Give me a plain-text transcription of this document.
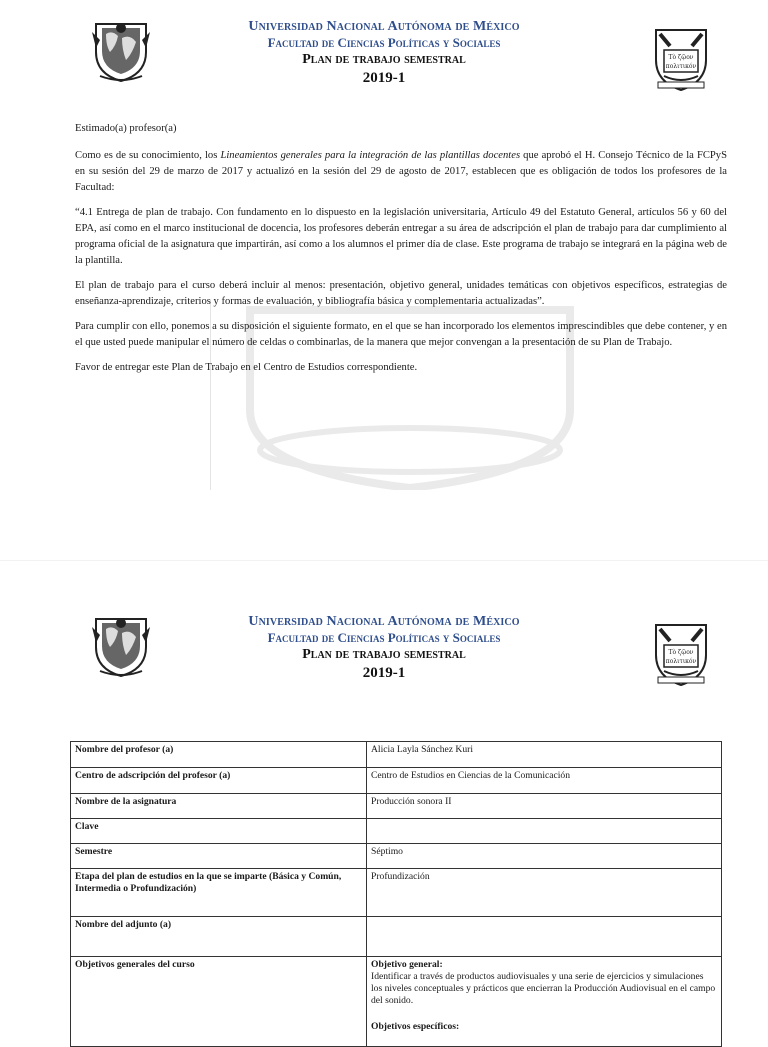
Τὸ ζῷον
πολιτικόν
Universidad Nacional Autónoma de México
Facultad de Ciencias Políticas y Sociales
Plan de trabajo semestral
2019-1

Estimado(a) profesor(a)

Como es de su conocimiento, los Lineamientos generales para la integración de las plantillas docentes que aprobó el H. Consejo Técnico de la FCPyS en su sesión del 29 de marzo de 2017 y actualizó en la sesión del 29 de agosto de 2017, establecen que es obligación de todos los profesores de la Facultad:

“4.1 Entrega de plan de trabajo. Con fundamento en lo dispuesto en la legislación universitaria, Artículo 49 del Estatuto General, artículos 56 y 60 del EPA, así como en el marco institucional de docencia, los profesores deberán entregar a su área de adscripción el plan de trabajo para dar cumplimiento al programa oficial de la asignatura que impartirán, así como a los alumnos el primer día de clase. Este programa de trabajo se integrará en la página web de la plantilla.

El plan de trabajo para el curso deberá incluir al menos: presentación, objetivo general, unidades temáticas con objetivos específicos, estrategias de enseñanza-aprendizaje, criterios y formas de evaluación, y bibliografía básica y complementaria actualizadas”.

Para cumplir con ello, ponemos a su disposición el siguiente formato, en el que se han incorporado los elementos imprescindibles que debe contener, y en el que usted puede manipular el número de celdas o combinarlas, de la manera que mejor convengan a la presentación de su Plan de Trabajo.

Favor de entregar este Plan de Trabajo en el Centro de Estudios correspondiente.

Τὸ ζῷον
πολιτικόν
Universidad Nacional Autónoma de México
Facultad de Ciencias Políticas y Sociales
Plan de trabajo semestral
2019-1
Nombre del profesor (a)	Alicia Layla Sánchez Kuri
Centro de adscripción del profesor (a)	Centro de Estudios en Ciencias de la Comunicación
Nombre de la asignatura	Producción sonora II
Clave	
Semestre	Séptimo
Etapa del plan de estudios en la que se imparte (Básica y Común, Intermedia o Profundización)	Profundización
Nombre del adjunto (a)	
Objetivos generales del curso	Objetivo general:
Identificar a través de productos audiovisuales y una serie de ejercicios y simulaciones los niveles conceptuales y prácticos que encierran la Producción Audiovisual en el campo del sonido.
Objetivos específicos:
